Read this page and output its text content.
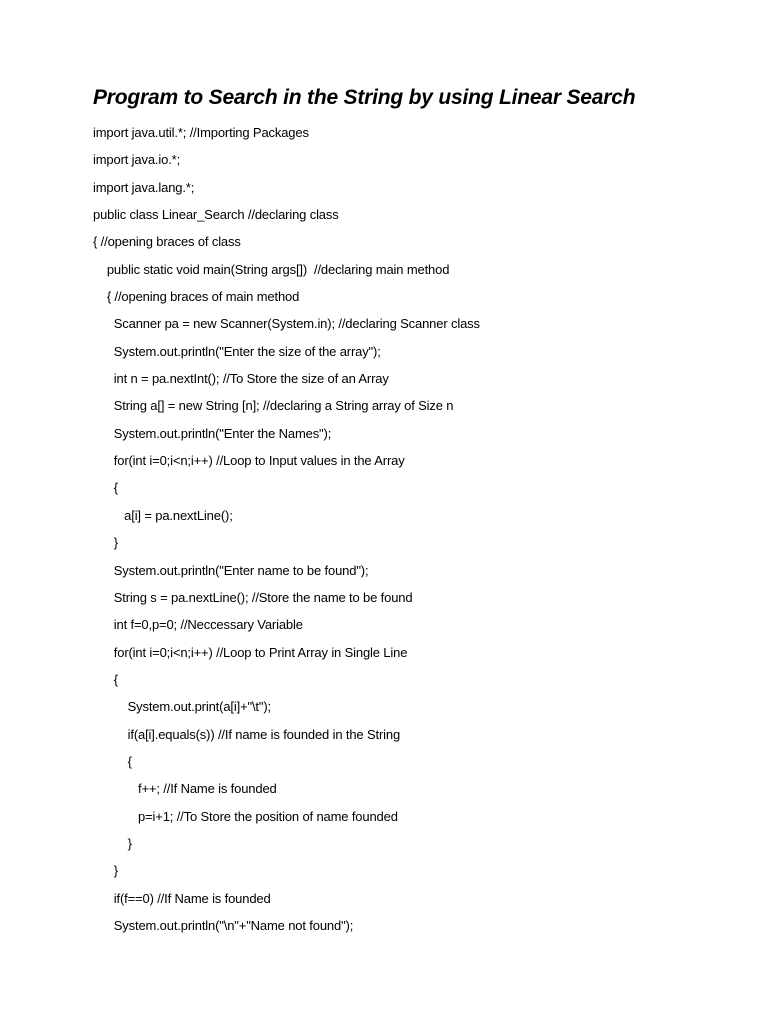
Program to Search in the String by using Linear Search
import java.util.*; //Importing Packages
import java.io.*;
import java.lang.*;
public class Linear_Search //declaring class
{ //opening braces of class
public static void main(String args[])  //declaring main method
{ //opening braces of main method
Scanner pa = new Scanner(System.in); //declaring Scanner class
System.out.println("Enter the size of the array");
int n = pa.nextInt(); //To Store the size of an Array
String a[] = new String [n]; //declaring a String array of Size n
System.out.println("Enter the Names");
for(int i=0;i<n;i++) //Loop to Input values in the Array
{
a[i] = pa.nextLine();
}
System.out.println("Enter name to be found");
String s = pa.nextLine(); //Store the name to be found
int f=0,p=0; //Neccessary Variable
for(int i=0;i<n;i++) //Loop to Print Array in Single Line
{
System.out.print(a[i]+"\t");
if(a[i].equals(s)) //If name is founded in the String
{
f++; //If Name is founded
p=i+1; //To Store the position of name founded
}
}
if(f==0) //If Name is founded
System.out.println("\n"+"Name not found");
